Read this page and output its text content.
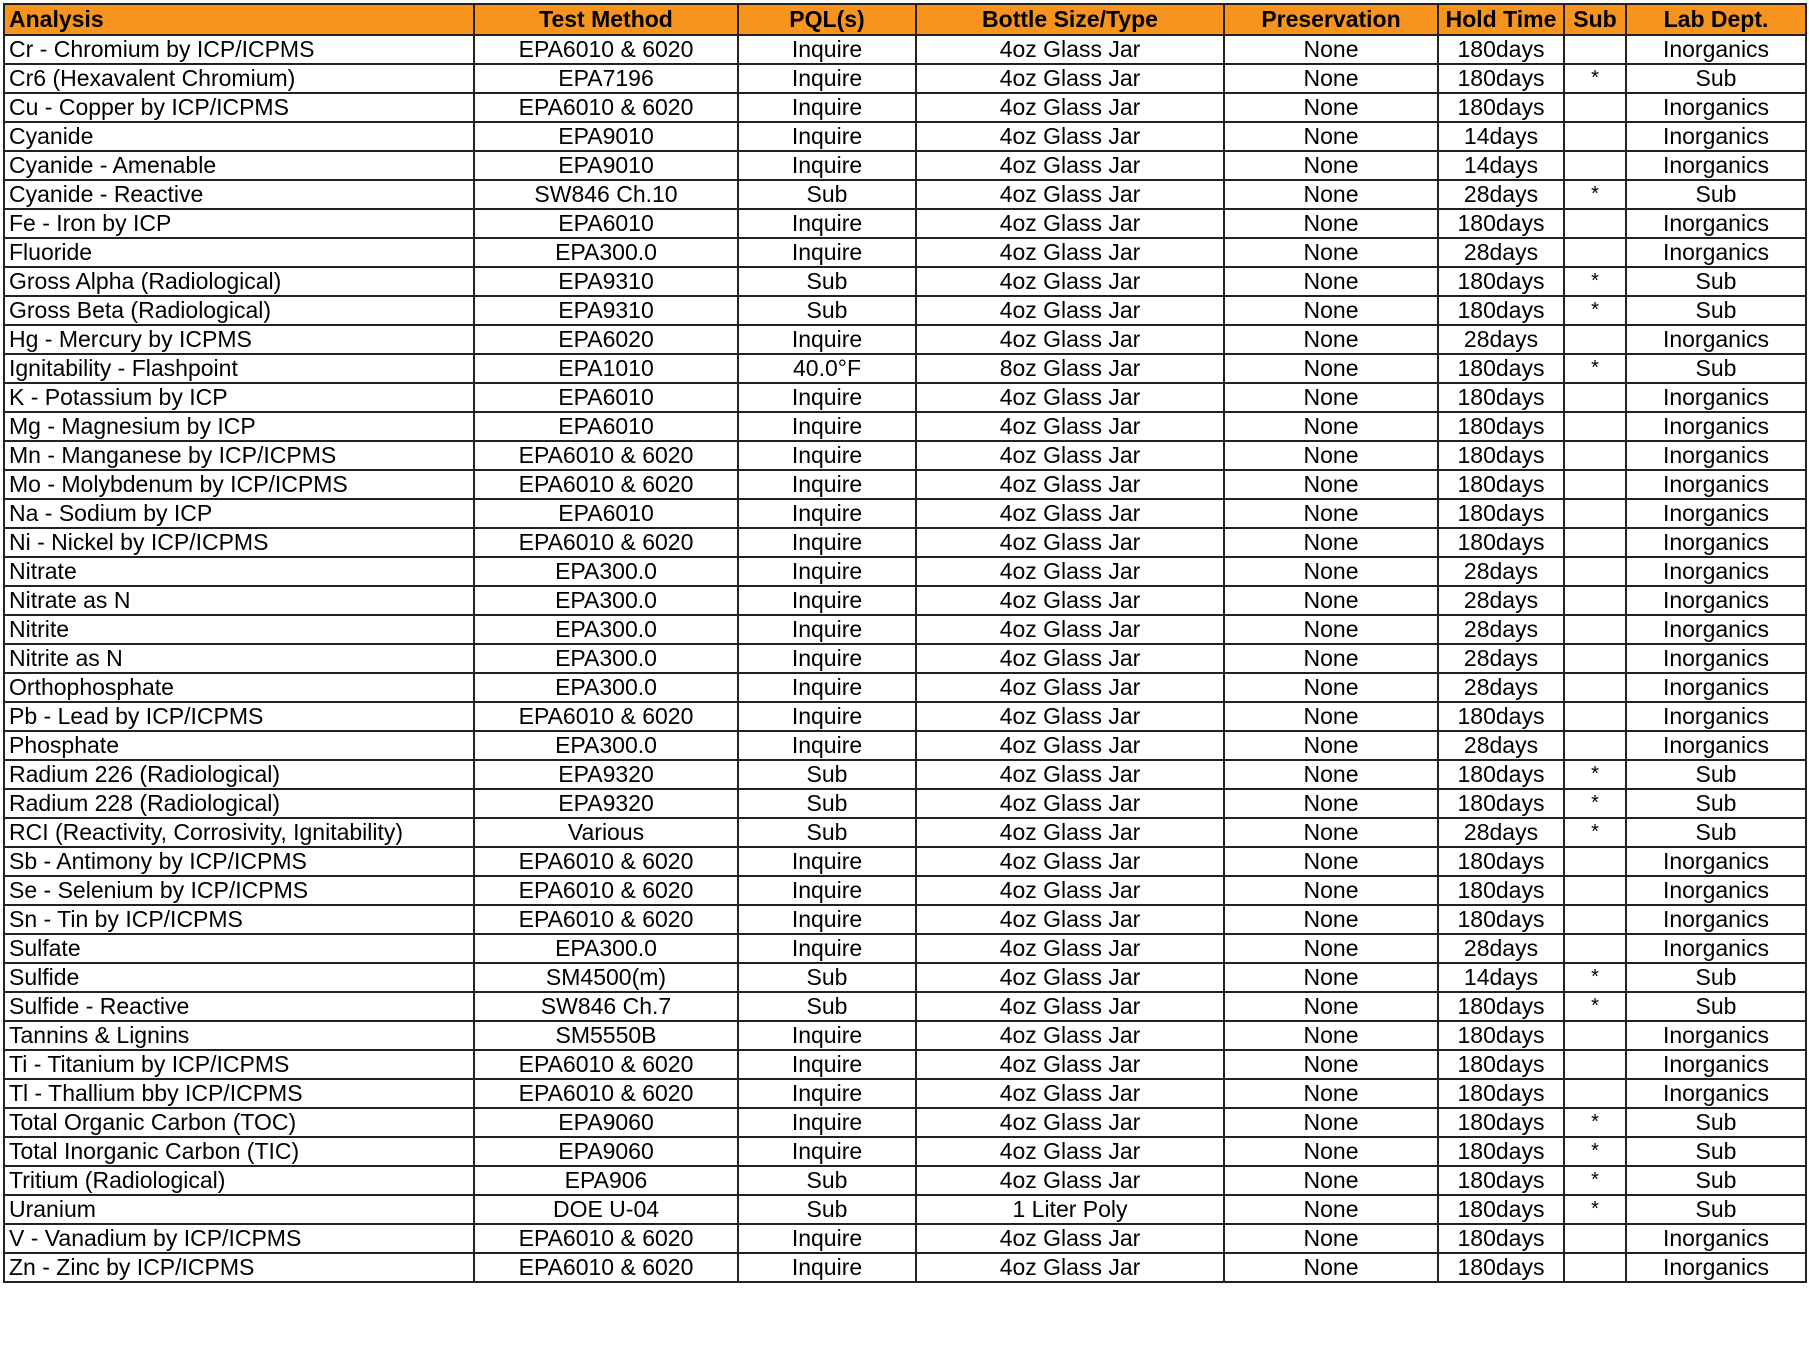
Analysis	Test Method	PQL(s)	Bottle Size/Type	Preservation	Hold Time	Sub	Lab Dept.
Cr - Chromium by ICP/ICPMS	EPA6010 & 6020	Inquire	4oz Glass Jar	None	180days		Inorganics
Cr6 (Hexavalent Chromium)	EPA7196	Inquire	4oz Glass Jar	None	180days	*	Sub
Cu - Copper by ICP/ICPMS	EPA6010 & 6020	Inquire	4oz Glass Jar	None	180days		Inorganics
Cyanide	EPA9010	Inquire	4oz Glass Jar	None	14days		Inorganics
Cyanide - Amenable	EPA9010	Inquire	4oz Glass Jar	None	14days		Inorganics
Cyanide - Reactive	SW846 Ch.10	Sub	4oz Glass Jar	None	28days	*	Sub
Fe - Iron by ICP	EPA6010	Inquire	4oz Glass Jar	None	180days		Inorganics
Fluoride	EPA300.0	Inquire	4oz Glass Jar	None	28days		Inorganics
Gross Alpha (Radiological)	EPA9310	Sub	4oz Glass Jar	None	180days	*	Sub
Gross Beta (Radiological)	EPA9310	Sub	4oz Glass Jar	None	180days	*	Sub
Hg - Mercury by ICPMS	EPA6020	Inquire	4oz Glass Jar	None	28days		Inorganics
Ignitability - Flashpoint	EPA1010	40.0°F	8oz Glass Jar	None	180days	*	Sub
K - Potassium by ICP	EPA6010	Inquire	4oz Glass Jar	None	180days		Inorganics
Mg - Magnesium by ICP	EPA6010	Inquire	4oz Glass Jar	None	180days		Inorganics
Mn - Manganese by ICP/ICPMS	EPA6010 & 6020	Inquire	4oz Glass Jar	None	180days		Inorganics
Mo - Molybdenum by ICP/ICPMS	EPA6010 & 6020	Inquire	4oz Glass Jar	None	180days		Inorganics
Na - Sodium by ICP	EPA6010	Inquire	4oz Glass Jar	None	180days		Inorganics
Ni - Nickel by ICP/ICPMS	EPA6010 & 6020	Inquire	4oz Glass Jar	None	180days		Inorganics
Nitrate	EPA300.0	Inquire	4oz Glass Jar	None	28days		Inorganics
Nitrate as N	EPA300.0	Inquire	4oz Glass Jar	None	28days		Inorganics
Nitrite	EPA300.0	Inquire	4oz Glass Jar	None	28days		Inorganics
Nitrite as N	EPA300.0	Inquire	4oz Glass Jar	None	28days		Inorganics
Orthophosphate	EPA300.0	Inquire	4oz Glass Jar	None	28days		Inorganics
Pb - Lead by ICP/ICPMS	EPA6010 & 6020	Inquire	4oz Glass Jar	None	180days		Inorganics
Phosphate	EPA300.0	Inquire	4oz Glass Jar	None	28days		Inorganics
Radium 226 (Radiological)	EPA9320	Sub	4oz Glass Jar	None	180days	*	Sub
Radium 228 (Radiological)	EPA9320	Sub	4oz Glass Jar	None	180days	*	Sub
RCI (Reactivity, Corrosivity, Ignitability)	Various	Sub	4oz Glass Jar	None	28days	*	Sub
Sb - Antimony by ICP/ICPMS	EPA6010 & 6020	Inquire	4oz Glass Jar	None	180days		Inorganics
Se - Selenium by ICP/ICPMS	EPA6010 & 6020	Inquire	4oz Glass Jar	None	180days		Inorganics
Sn - Tin by ICP/ICPMS	EPA6010 & 6020	Inquire	4oz Glass Jar	None	180days		Inorganics
Sulfate	EPA300.0	Inquire	4oz Glass Jar	None	28days		Inorganics
Sulfide	SM4500(m)	Sub	4oz Glass Jar	None	14days	*	Sub
Sulfide - Reactive	SW846 Ch.7	Sub	4oz Glass Jar	None	180days	*	Sub
Tannins & Lignins	SM5550B	Inquire	4oz Glass Jar	None	180days		Inorganics
Ti - Titanium by ICP/ICPMS	EPA6010 & 6020	Inquire	4oz Glass Jar	None	180days		Inorganics
Tl - Thallium bby ICP/ICPMS	EPA6010 & 6020	Inquire	4oz Glass Jar	None	180days		Inorganics
Total Organic Carbon (TOC)	EPA9060	Inquire	4oz Glass Jar	None	180days	*	Sub
Total Inorganic Carbon (TIC)	EPA9060	Inquire	4oz Glass Jar	None	180days	*	Sub
Tritium (Radiological)	EPA906	Sub	4oz Glass Jar	None	180days	*	Sub
Uranium	DOE U-04	Sub	1 Liter Poly	None	180days	*	Sub
V - Vanadium by ICP/ICPMS	EPA6010 & 6020	Inquire	4oz Glass Jar	None	180days		Inorganics
Zn - Zinc by ICP/ICPMS	EPA6010 & 6020	Inquire	4oz Glass Jar	None	180days		Inorganics
